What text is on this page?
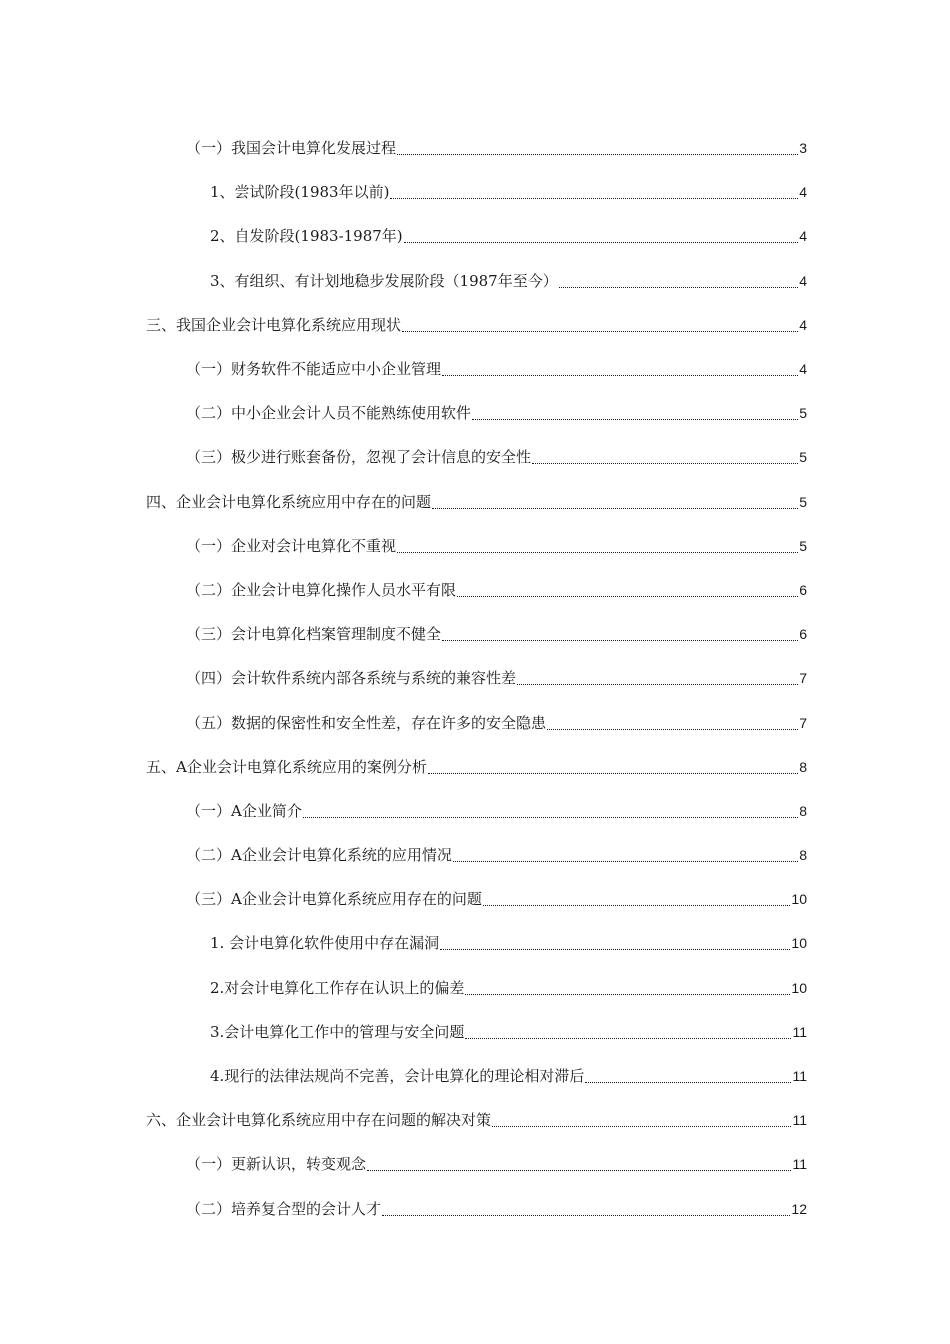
（一）我国会计电算化发展过程	3
1、尝试阶段(1983年以前)	4
2、自发阶段(1983-1987年)	4
3、有组织、有计划地稳步发展阶段（1987年至今）	4
三、我国企业会计电算化系统应用现状	4
（一）财务软件不能适应中小企业管理	4
（二）中小企业会计人员不能熟练使用软件	5
（三）极少进行账套备份，忽视了会计信息的安全性	5
四、企业会计电算化系统应用中存在的问题	5
（一）企业对会计电算化不重视	5
（二）企业会计电算化操作人员水平有限	6
（三）会计电算化档案管理制度不健全	6
（四）会计软件系统内部各系统与系统的兼容性差	7
（五）数据的保密性和安全性差，存在许多的安全隐患	7
五、A企业会计电算化系统应用的案例分析	8
（一）A企业简介	8
（二）A企业会计电算化系统的应用情况	8
（三）A企业会计电算化系统应用存在的问题	10
1. 会计电算化软件使用中存在漏洞	10
2.对会计电算化工作存在认识上的偏差	10
3.会计电算化工作中的管理与安全问题	11
4.现行的法律法规尚不完善，会计电算化的理论相对滞后	11
六、企业会计电算化系统应用中存在问题的解决对策	11
（一）更新认识，转变观念	11
（二）培养复合型的会计人才	12
